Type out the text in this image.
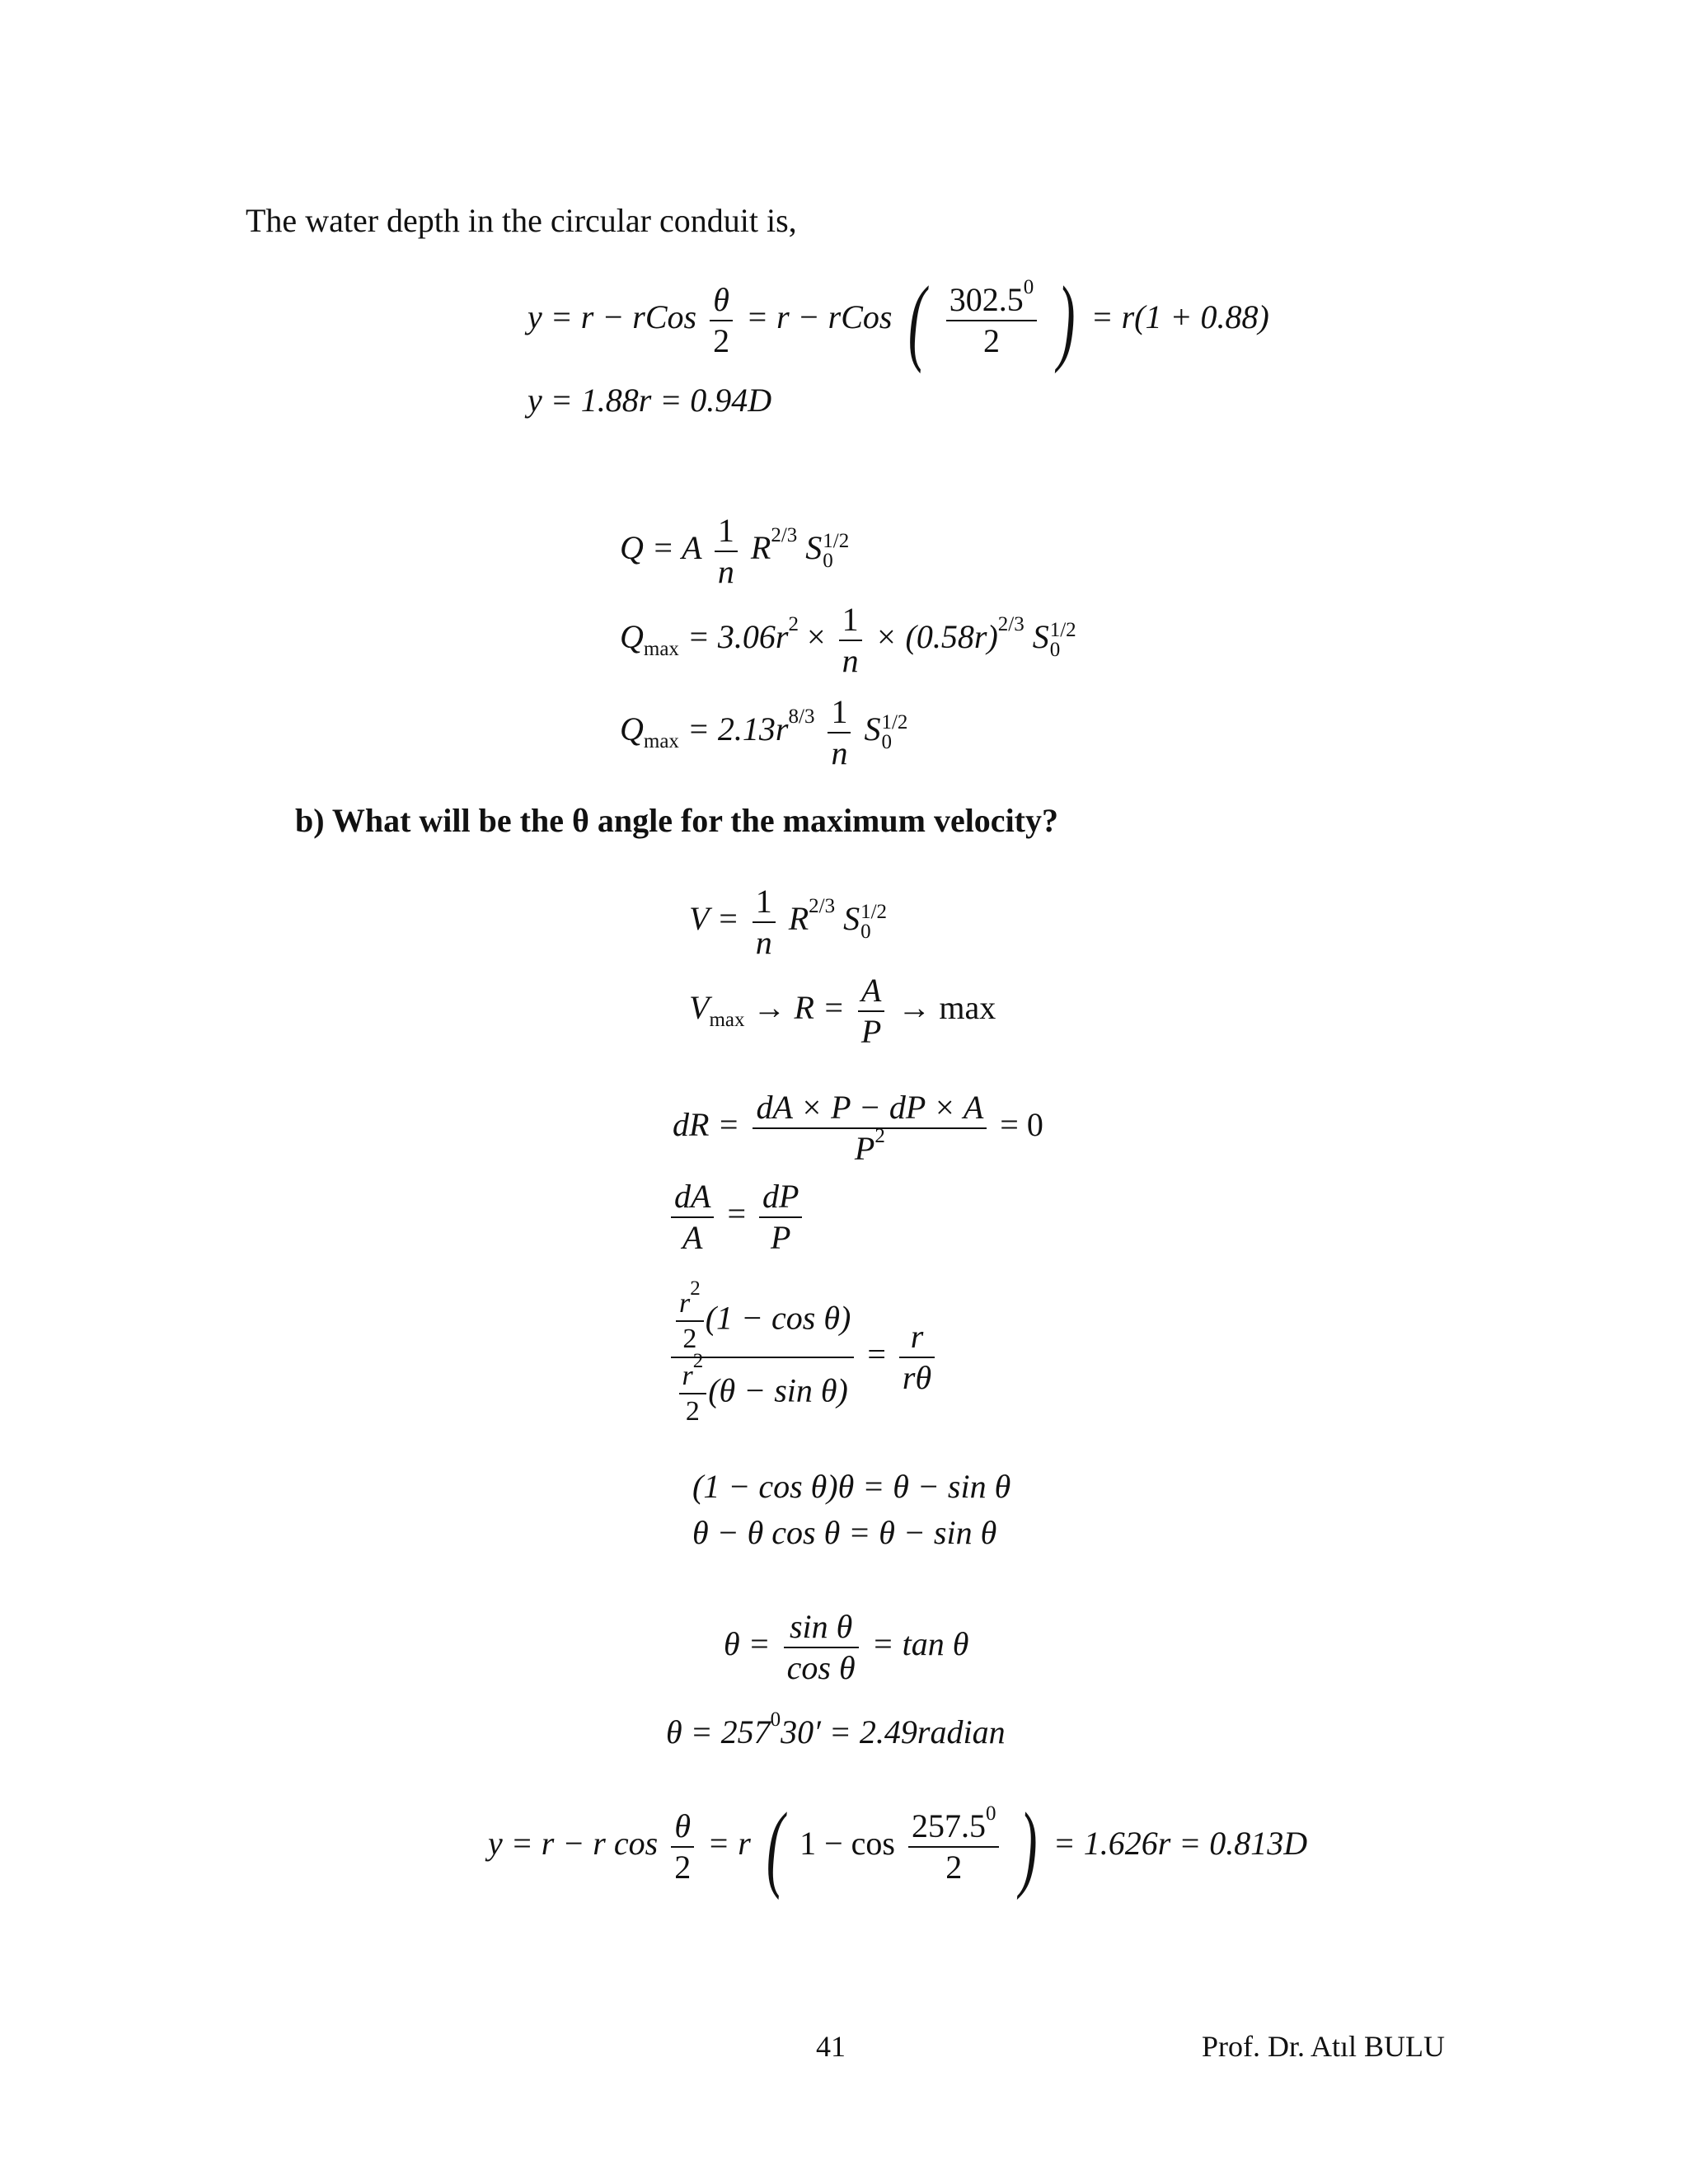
The water depth in the circular conduit is,
y = r − rCos $\frac{\theta}{2} = r$ − rCos ( $\frac{302.5^0}{2}$ ) = r(1 + 0.88)
y = 1.88r = 0.94D
Q = A $\frac{1}{n} R^{2/3}$ S 1/2
0
$Q_{max} = 3.06r^2 \times \frac{1}{n} \times (0.58r)^{2/3}$ S 1/2
0
$Q_{max} = 2.13r^{8/3} \frac{1}{n}$ S 1/2
0
b) What will be the θ angle for the maximum velocity?
$V = \frac{1}{n} R^{2/3}$ S 1/2
0
$V_{max} \to R = \frac{A}{P} \to \max$
dR = $\frac{dA \times P - dP \times A}{P^2} = 0$
$\frac{dA}{A} = \frac{dP}{P}$
$\frac{\frac{r^2}{2} (1 - \cos \theta)}{\frac{r^2}{2} (\theta - \sin \theta)} = \frac{r}{r\theta}$
(1 − cos θ)θ = θ − sin θ
θ − θ cos θ = θ − sin θ
$\theta = \frac{\text{sin θ}}{\text{cos θ}} = \tan \theta$
$\theta = 257^030'$ = 2.49radian
y = r − r $\cos \frac{\theta}{2} = r$ ( $1 - \cos \frac{257.5^0}{2}$ ) = 1.626r = 0.813D
41	Prof. Dr. Atıl BULU
